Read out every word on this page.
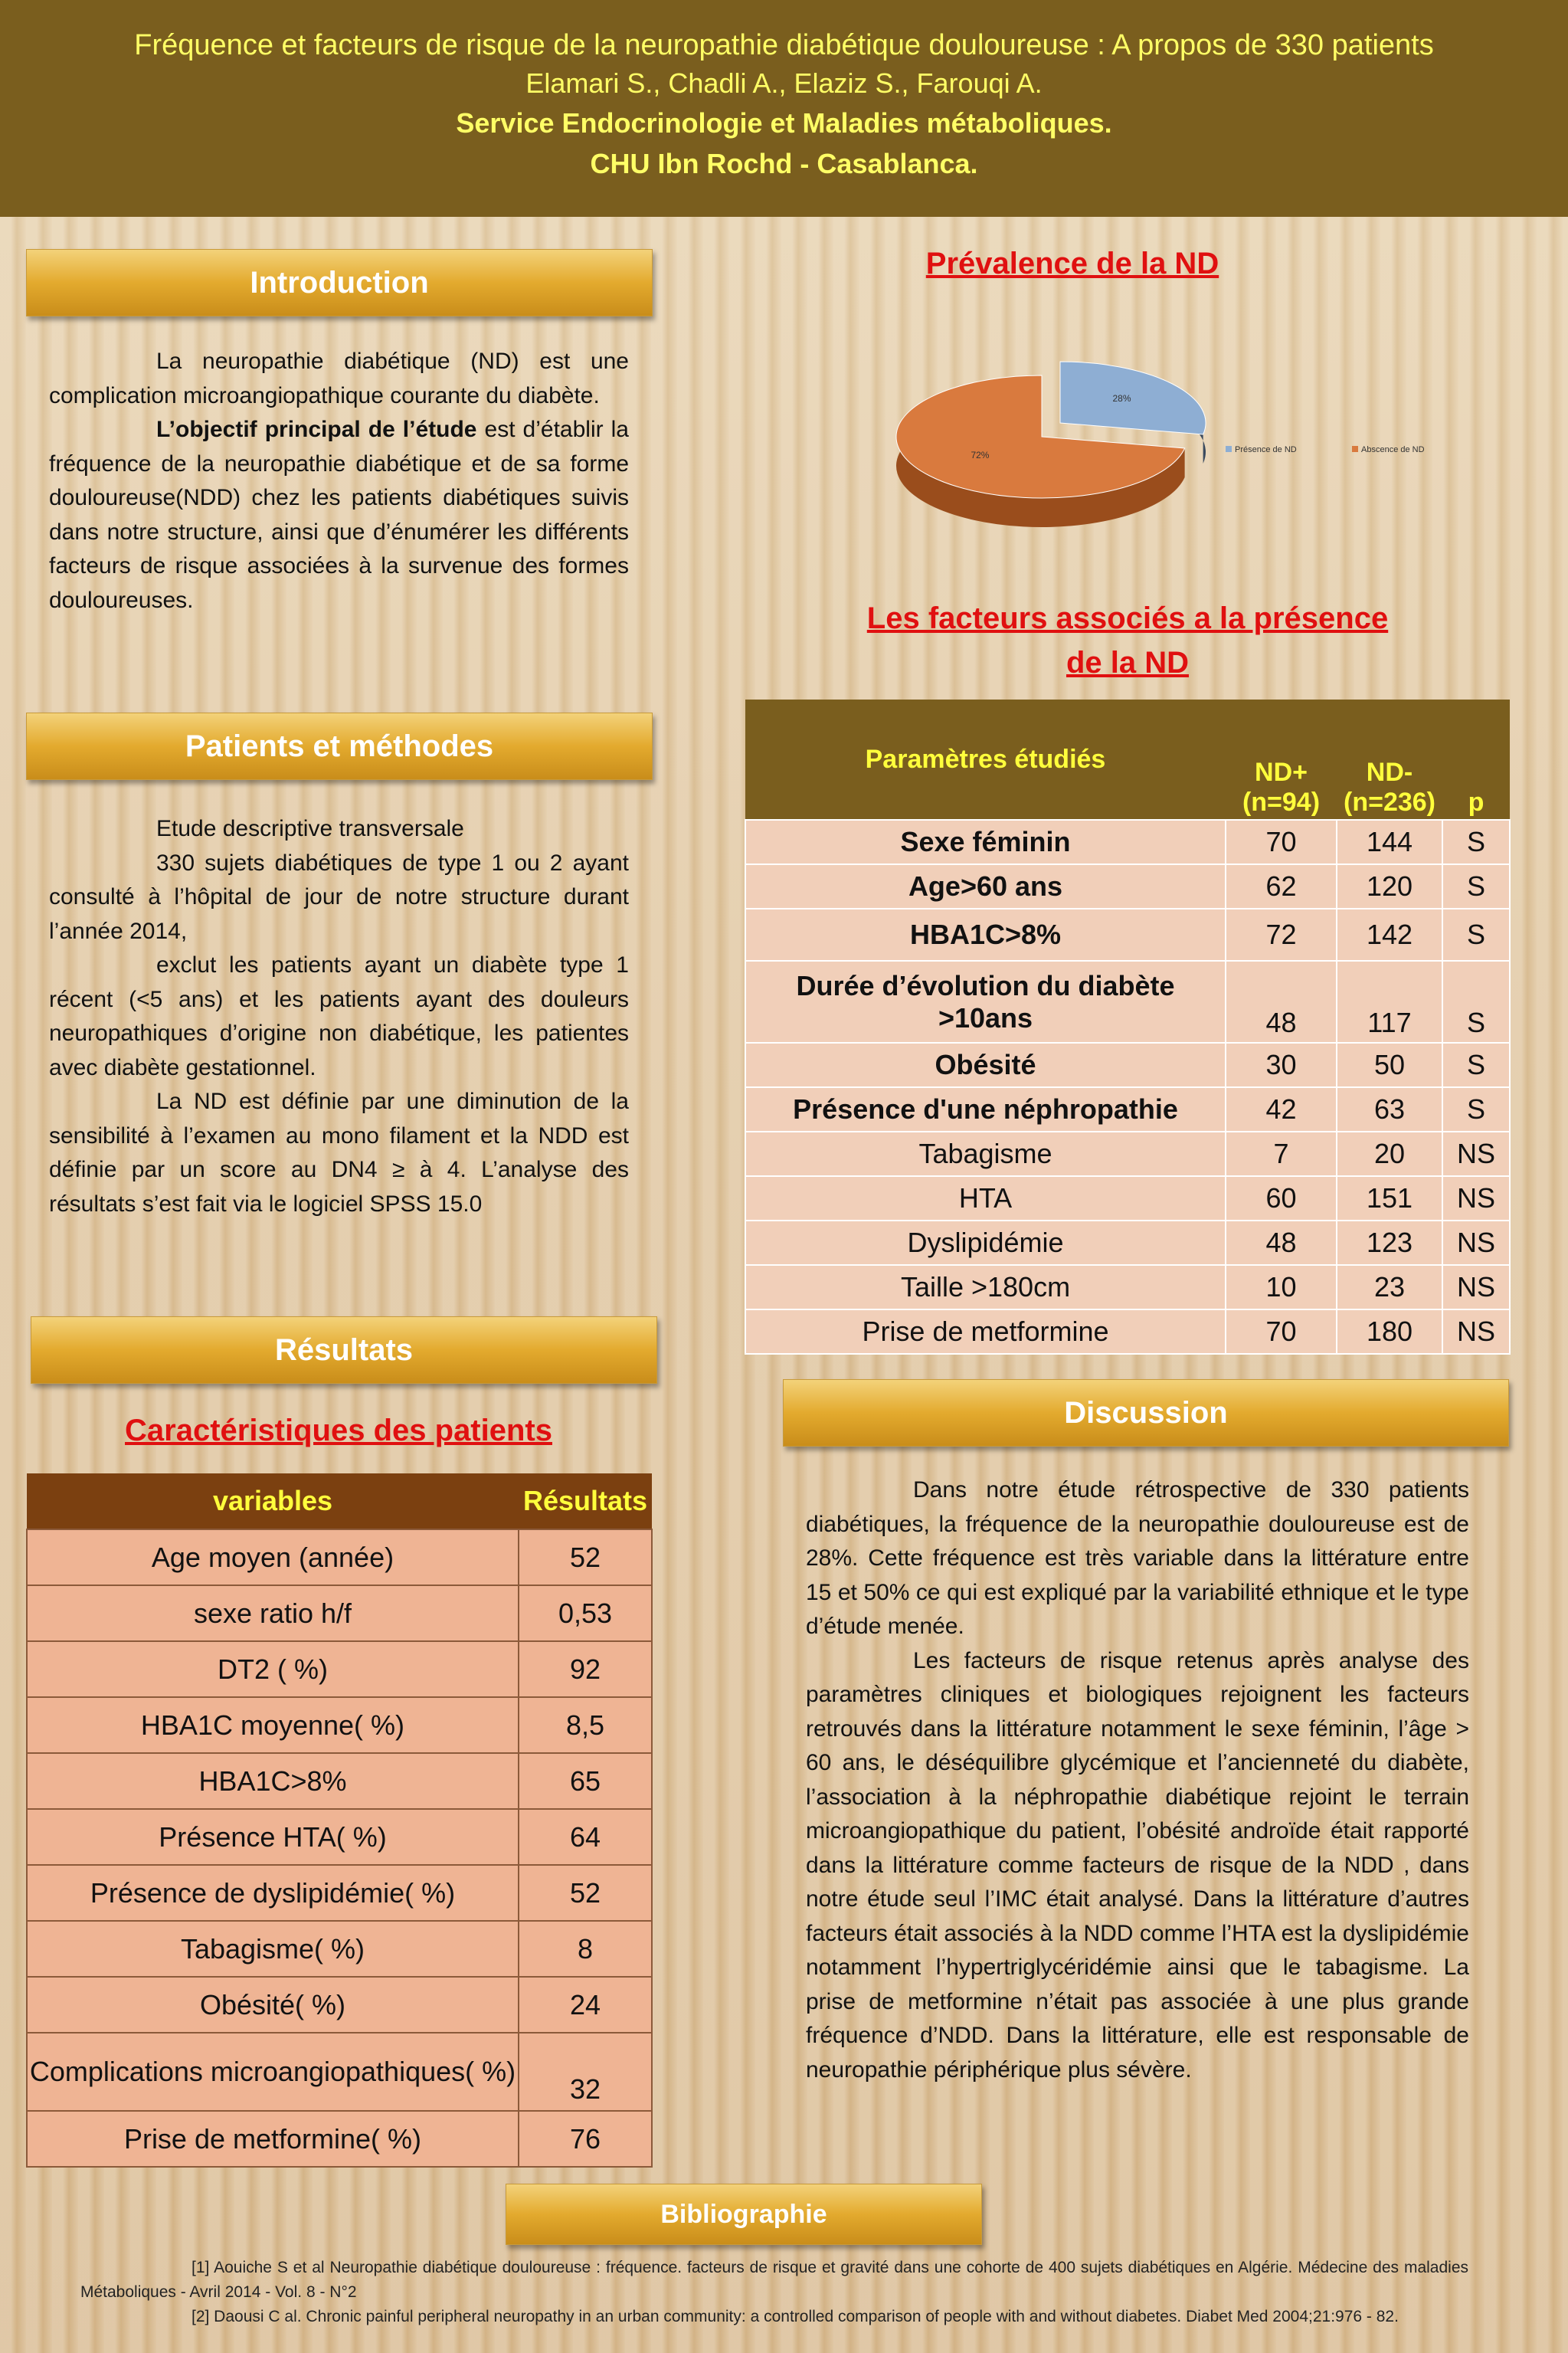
Fréquence et facteurs de risque de la neuropathie diabétique douloureuse : A propos de 330 patients
Elamari S., Chadli A., Elaziz S., Farouqi A.
Service Endocrinologie et Maladies métaboliques.
CHU Ibn Rochd - Casablanca.
Introduction

La neuropathie diabétique (ND) est une complication microangiopathique courante du diabète.

L’objectif principal de l’étude est d’établir la fréquence de la neuropathie diabétique et de sa forme douloureuse(NDD) chez les patients diabétiques suivis dans notre structure, ainsi que d’énumérer les différents facteurs de risque associées à la survenue des formes douloureuses.

Patients et méthodes

Etude descriptive transversale

330 sujets diabétiques de type 1 ou 2 ayant consulté à l’hôpital de jour de notre structure durant l’année 2014,

exclut les patients ayant un diabète type 1 récent (<5 ans) et les patients ayant des douleurs neuropathiques d’origine non diabétique, les patientes avec diabète gestationnel.

La ND est définie par une diminution de la sensibilité à l’examen au mono filament et la NDD est définie par un score au DN4 ≥ à 4. L’analyse des résultats s’est fait via le logiciel SPSS 15.0

Résultats
Caractéristiques des patients
variables	Résultats
Age moyen (année)	52
sexe ratio h/f	0,53
DT2 ( %)	92
HBA1C moyenne( %)	8,5
HBA1C>8%	65
Présence HTA( %)	64
Présence de dyslipidémie( %)	52
Tabagisme( %)	8
Obésité( %)	24
Complications microangiopathiques( %)	32
Prise de metformine( %)	76
Prévalence de la ND
28%
72%
Présence de ND	Abscence de ND
Les facteurs associés a la présence
de la ND
Paramètres étudiés	ND+ (n=94)	ND- (n=236)	p
Sexe féminin	70	144	S
Age>60 ans	62	120	S
HBA1C>8%	72	142	S
Durée d’évolution du diabète >10ans	48	117	S
Obésité	30	50	S
Présence d'une néphropathie	42	63	S
Tabagisme	7	20	NS
HTA	60	151	NS
Dyslipidémie	48	123	NS
Taille >180cm	10	23	NS
Prise de metformine	70	180	NS
Discussion

Dans notre étude rétrospective de 330 patients diabétiques, la fréquence de la neuropathie douloureuse est de 28%. Cette fréquence est très variable dans la littérature entre 15 et 50% ce qui est expliqué par la variabilité ethnique et le type d’étude menée.

Les facteurs de risque retenus après analyse des paramètres cliniques et biologiques rejoignent les facteurs retrouvés dans la littérature notamment le sexe féminin, l’âge > 60 ans, le déséquilibre glycémique et l’ancienneté du diabète, l’association à la néphropathie diabétique rejoint le terrain microangiopathique du patient, l’obésité androïde était rapporté dans la littérature comme facteurs de risque de la NDD , dans notre étude seul l’IMC était analysé. Dans la littérature d’autres facteurs était associés à la NDD comme l’HTA est la dyslipidémie notamment l’hypertriglycéridémie ainsi que le tabagisme. La prise de metformine n’était pas associée à une plus grande fréquence d’NDD. Dans la littérature, elle est responsable de neuropathie périphérique plus sévère.

Bibliographie
[1] Aouiche S et al Neuropathie diabétique douloureuse : fréquence. facteurs de risque et gravité dans une cohorte de 400 sujets diabétiques en Algérie. Médecine des maladies Métaboliques - Avril 2014 - Vol. 8 - N°2
[2] Daousi C al. Chronic painful peripheral neuropathy in an urban community: a controlled comparison of people with and without diabetes. Diabet Med 2004;21:976 - 82.
